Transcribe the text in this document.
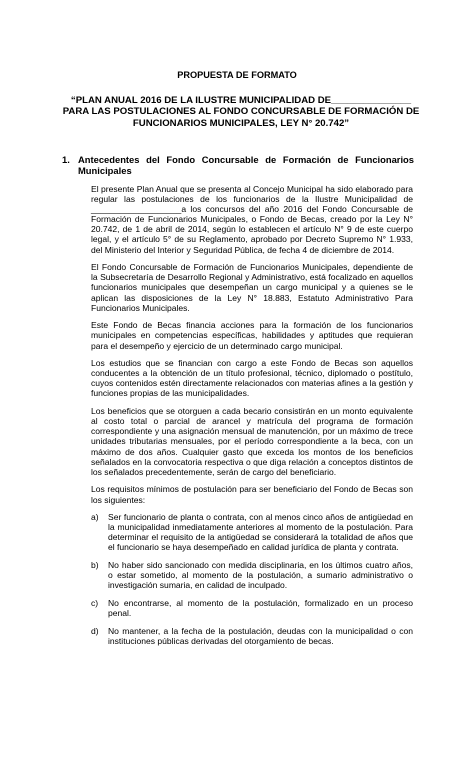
PROPUESTA DE FORMATO
“PLAN ANUAL 2016 DE LA ILUSTRE MUNICIPALIDAD DE_______________ PARA LAS POSTULACIONES AL FONDO CONCURSABLE DE FORMACIÓN DE FUNCIONARIOS MUNICIPALES, LEY N° 20.742”
1. Antecedentes del Fondo Concursable de Formación de Funcionarios Municipales

El presente Plan Anual que se presenta al Concejo Municipal ha sido elaborado para regular las postulaciones de los funcionarios de la Ilustre Municipalidad de ___________________a los concursos del año 2016 del Fondo Concursable de Formación de Funcionarios Municipales, o Fondo de Becas, creado por la Ley N° 20.742, de 1 de abril de 2014, según lo establecen el artículo N° 9 de este cuerpo legal, y el artículo 5° de su Reglamento, aprobado por Decreto Supremo N° 1.933, del Ministerio del Interior y Seguridad Pública, de fecha 4 de diciembre de 2014.

El Fondo Concursable de Formación de Funcionarios Municipales, dependiente de la Subsecretaría de Desarrollo Regional y Administrativo, está focalizado en aquellos funcionarios municipales que desempeñan un cargo municipal y a quienes se le aplican las disposiciones de la Ley N° 18.883, Estatuto Administrativo Para Funcionarios Municipales.

Este Fondo de Becas financia acciones para la formación de los funcionarios municipales en competencias específicas, habilidades y aptitudes que requieran para el desempeño y ejercicio de un determinado cargo municipal.

Los estudios que se financian con cargo a este Fondo de Becas son aquellos conducentes a la obtención de un título profesional, técnico, diplomado o postítulo, cuyos contenidos estén directamente relacionados con materias afines a la gestión y funciones propias de las municipalidades.

Los beneficios que se otorguen a cada becario consistirán en un monto equivalente al costo total o parcial de arancel y matrícula del programa de formación correspondiente y una asignación mensual de manutención, por un máximo de trece unidades tributarias mensuales, por el período correspondiente a la beca, con un máximo de dos años. Cualquier gasto que exceda los montos de los beneficios señalados en la convocatoria respectiva o que diga relación a conceptos distintos de los señalados precedentemente, serán de cargo del beneficiario.

Los requisitos mínimos de postulación para ser beneficiario del Fondo de Becas son los siguientes:

a) Ser funcionario de planta o contrata, con al menos cinco años de antigüedad en la municipalidad inmediatamente anteriores al momento de la postulación. Para determinar el requisito de la antigüedad se considerará la totalidad de años que el funcionario se haya desempeñado en calidad jurídica de planta y contrata.
b) No haber sido sancionado con medida disciplinaria, en los últimos cuatro años, o estar sometido, al momento de la postulación, a sumario administrativo o investigación sumaria, en calidad de inculpado.
c) No encontrarse, al momento de la postulación, formalizado en un proceso penal.
d) No mantener, a la fecha de la postulación, deudas con la municipalidad o con instituciones públicas derivadas del otorgamiento de becas.
